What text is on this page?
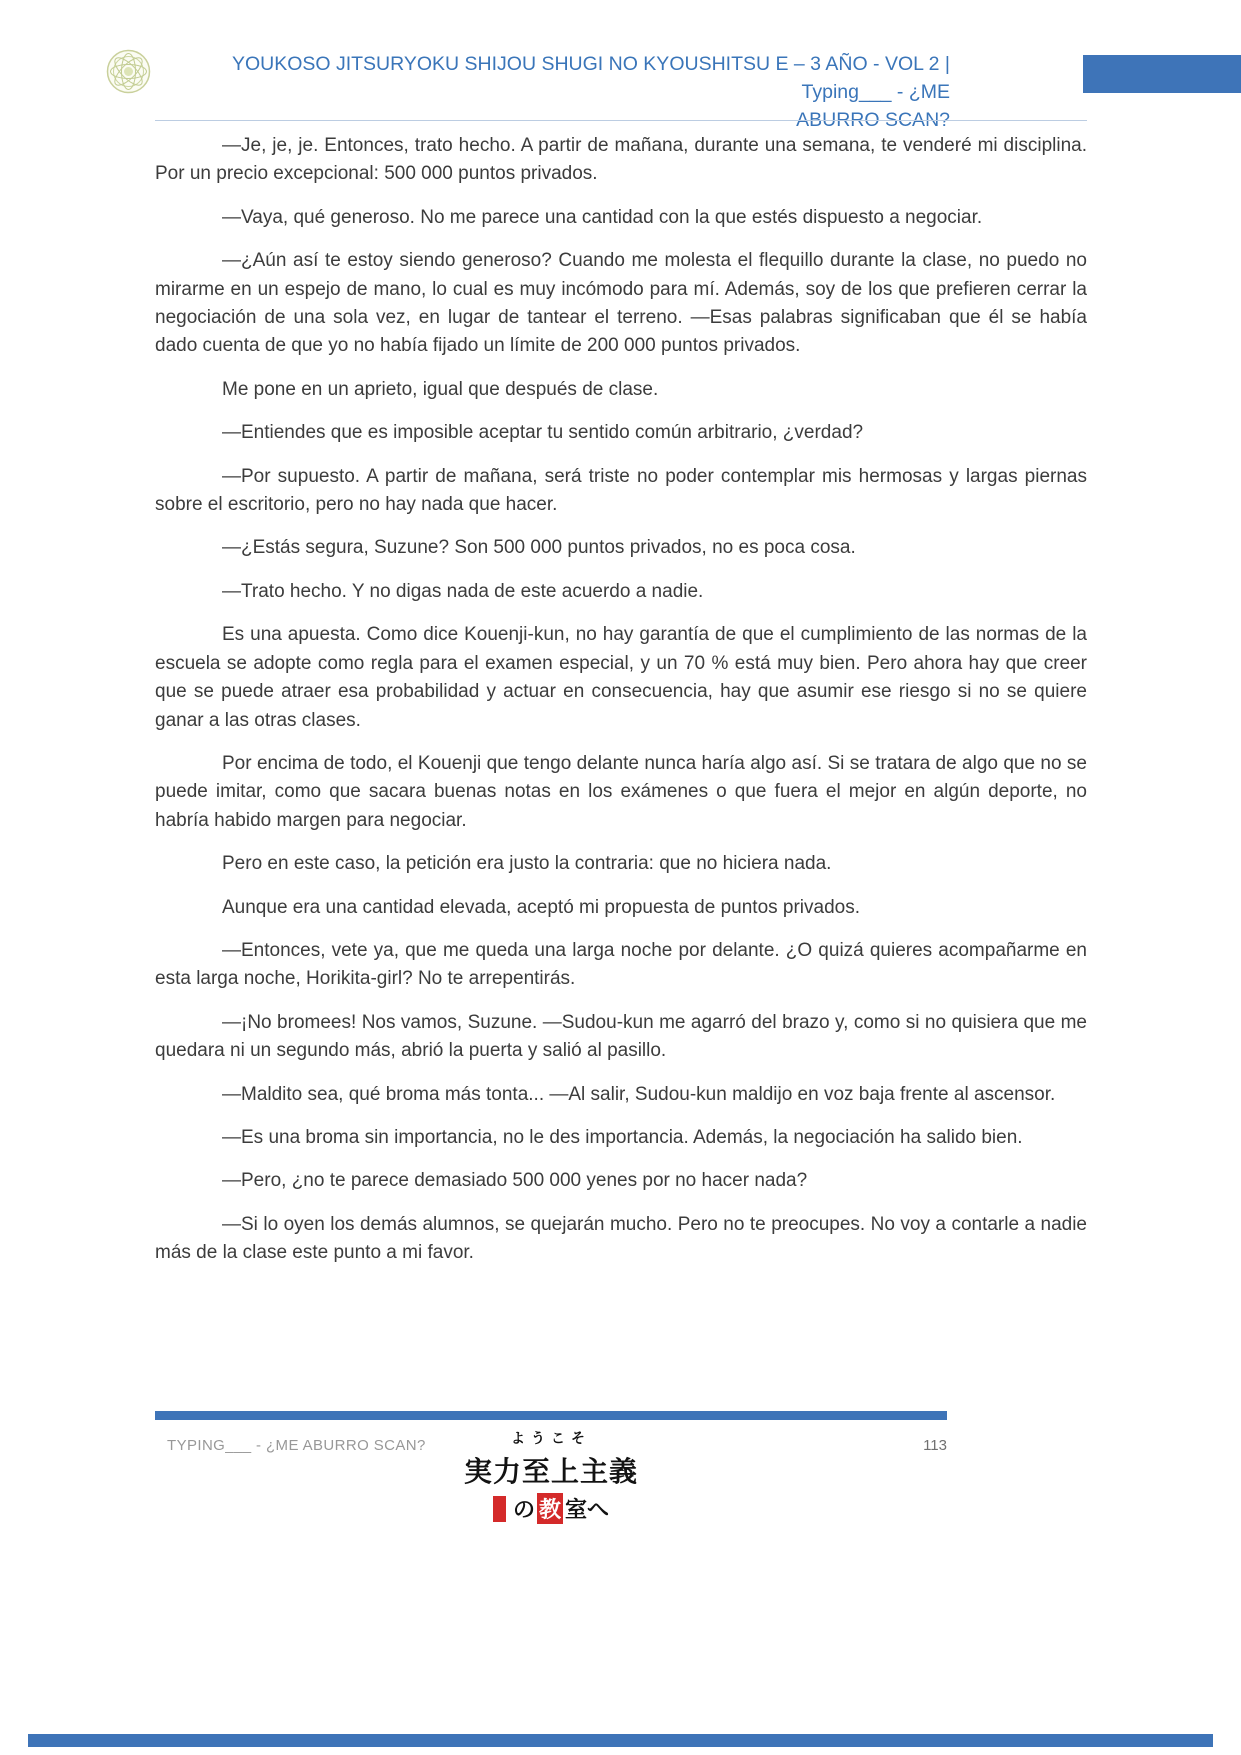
YOUKOSO JITSURYOKU SHIJOU SHUGI NO KYOUSHITSU E – 3 AÑO - VOL 2 | Typing___ - ¿ME
ABURRO SCAN?

—Je, je, je. Entonces, trato hecho. A partir de mañana, durante una semana, te venderé mi disciplina. Por un precio excepcional: 500 000 puntos privados.

—Vaya, qué generoso. No me parece una cantidad con la que estés dispuesto a negociar.

—¿Aún así te estoy siendo generoso? Cuando me molesta el flequillo durante la clase, no puedo no mirarme en un espejo de mano, lo cual es muy incómodo para mí. Además, soy de los que prefieren cerrar la negociación de una sola vez, en lugar de tantear el terreno. —Esas palabras significaban que él se había dado cuenta de que yo no había fijado un límite de 200 000 puntos privados.

Me pone en un aprieto, igual que después de clase.

—Entiendes que es imposible aceptar tu sentido común arbitrario, ¿verdad?

—Por supuesto. A partir de mañana, será triste no poder contemplar mis hermosas y largas piernas sobre el escritorio, pero no hay nada que hacer.

—¿Estás segura, Suzune? Son 500 000 puntos privados, no es poca cosa.

—Trato hecho. Y no digas nada de este acuerdo a nadie.

Es una apuesta. Como dice Kouenji-kun, no hay garantía de que el cumplimiento de las normas de la escuela se adopte como regla para el examen especial, y un 70 % está muy bien. Pero ahora hay que creer que se puede atraer esa probabilidad y actuar en consecuencia, hay que asumir ese riesgo si no se quiere ganar a las otras clases.

Por encima de todo, el Kouenji que tengo delante nunca haría algo así. Si se tratara de algo que no se puede imitar, como que sacara buenas notas en los exámenes o que fuera el mejor en algún deporte, no habría habido margen para negociar.

Pero en este caso, la petición era justo la contraria: que no hiciera nada.

Aunque era una cantidad elevada, aceptó mi propuesta de puntos privados.

—Entonces, vete ya, que me queda una larga noche por delante. ¿O quizá quieres acompañarme en esta larga noche, Horikita-girl? No te arrepentirás.

—¡No bromees! Nos vamos, Suzune. —Sudou-kun me agarró del brazo y, como si no quisiera que me quedara ni un segundo más, abrió la puerta y salió al pasillo.

—Maldito sea, qué broma más tonta... —Al salir, Sudou-kun maldijo en voz baja frente al ascensor.

—Es una broma sin importancia, no le des importancia. Además, la negociación ha salido bien.

—Pero, ¿no te parece demasiado 500 000 yenes por no hacer nada?

—Si lo oyen los demás alumnos, se quejarán mucho. Pero no te preocupes. No voy a contarle a nadie más de la clase este punto a mi favor.

TYPING___ - ¿ME ABURRO SCAN?	ようこそ
実力至上主義
の 教 室へ
113
